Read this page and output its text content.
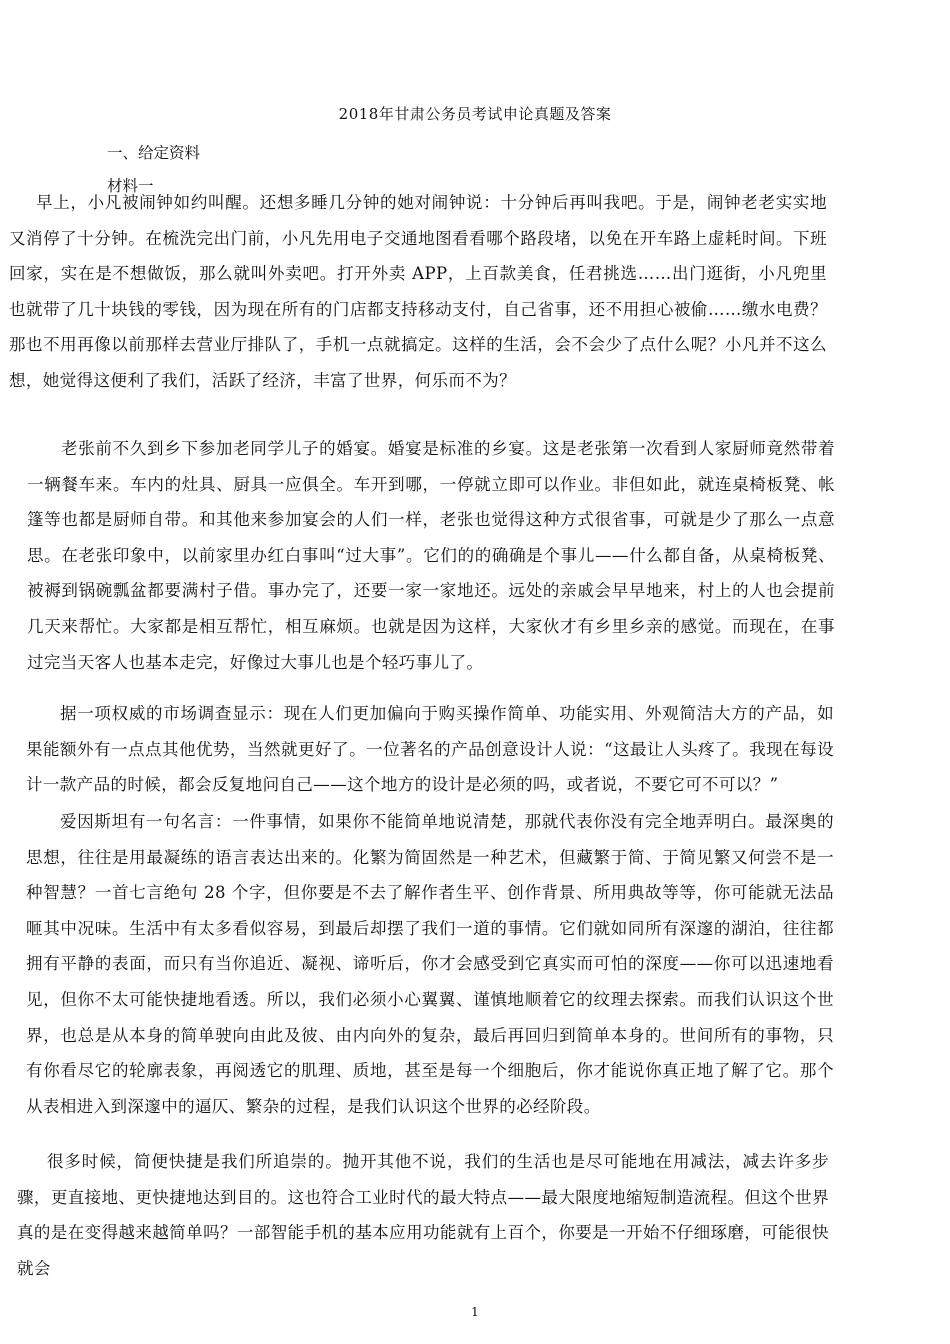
2018年甘肃公务员考试申论真题及答案
一、给定资料
材料一
早上，小凡被闹钟如约叫醒。还想多睡几分钟的她对闹钟说：十分钟后再叫我吧。于是，闹钟老老实实地又消停了十分钟。在梳洗完出门前，小凡先用电子交通地图看看哪个路段堵，以免在开车路上虚耗时间。下班回家，实在是不想做饭，那么就叫外卖吧。打开外卖 APP，上百款美食，任君挑选……出门逛街，小凡兜里也就带了几十块钱的零钱，因为现在所有的门店都支持移动支付，自己省事，还不用担心被偷……缴水电费？那也不用再像以前那样去营业厅排队了，手机一点就搞定。这样的生活，会不会少了点什么呢？小凡并不这么想，她觉得这便利了我们，活跃了经济，丰富了世界，何乐而不为？
老张前不久到乡下参加老同学儿子的婚宴。婚宴是标准的乡宴。这是老张第一次看到人家厨师竟然带着一辆餐车来。车内的灶具、厨具一应俱全。车开到哪，一停就立即可以作业。非但如此，就连桌椅板凳、帐篷等也都是厨师自带。和其他来参加宴会的人们一样，老张也觉得这种方式很省事，可就是少了那么一点意思。在老张印象中，以前家里办红白事叫“过大事”。它们的的确确是个事儿——什么都自备，从桌椅板凳、被褥到锅碗瓢盆都要满村子借。事办完了，还要一家一家地还。远处的亲戚会早早地来，村上的人也会提前几天来帮忙。大家都是相互帮忙，相互麻烦。也就是因为这样，大家伙才有乡里乡亲的感觉。而现在，在事过完当天客人也基本走完，好像过大事儿也是个轻巧事儿了。
据一项权威的市场调查显示：现在人们更加偏向于购买操作简单、功能实用、外观简洁大方的产品，如果能额外有一点点其他优势，当然就更好了。一位著名的产品创意设计人说：“这最让人头疼了。我现在每设计一款产品的时候，都会反复地问自己——这个地方的设计是必须的吗，或者说，不要它可不可以？”
爱因斯坦有一句名言：一件事情，如果你不能简单地说清楚，那就代表你没有完全地弄明白。最深奥的思想，往往是用最凝练的语言表达出来的。化繁为简固然是一种艺术，但藏繁于简、于简见繁又何尝不是一种智慧？一首七言绝句 28 个字，但你要是不去了解作者生平、创作背景、所用典故等等，你可能就无法品咂其中况味。生活中有太多看似容易，到最后却摆了我们一道的事情。它们就如同所有深邃的湖泊，往往都拥有平静的表面，而只有当你追近、凝视、谛听后，你才会感受到它真实而可怕的深度——你可以迅速地看见，但你不太可能快捷地看透。所以，我们必须小心翼翼、谨慎地顺着它的纹理去探索。而我们认识这个世界，也总是从本身的简单驶向由此及彼、由内向外的复杂，最后再回归到简单本身的。世间所有的事物，只有你看尽它的轮廓表象，再阅透它的肌理、质地，甚至是每一个细胞后，你才能说你真正地了解了它。那个从表相进入到深邃中的逼仄、繁杂的过程，是我们认识这个世界的必经阶段。
很多时候，简便快捷是我们所追崇的。抛开其他不说，我们的生活也是尽可能地在用减法，减去许多步骤，更直接地、更快捷地达到目的。这也符合工业时代的最大特点——最大限度地缩短制造流程。但这个世界真的是在变得越来越简单吗？一部智能手机的基本应用功能就有上百个，你要是一开始不仔细琢磨，可能很快就会
1
